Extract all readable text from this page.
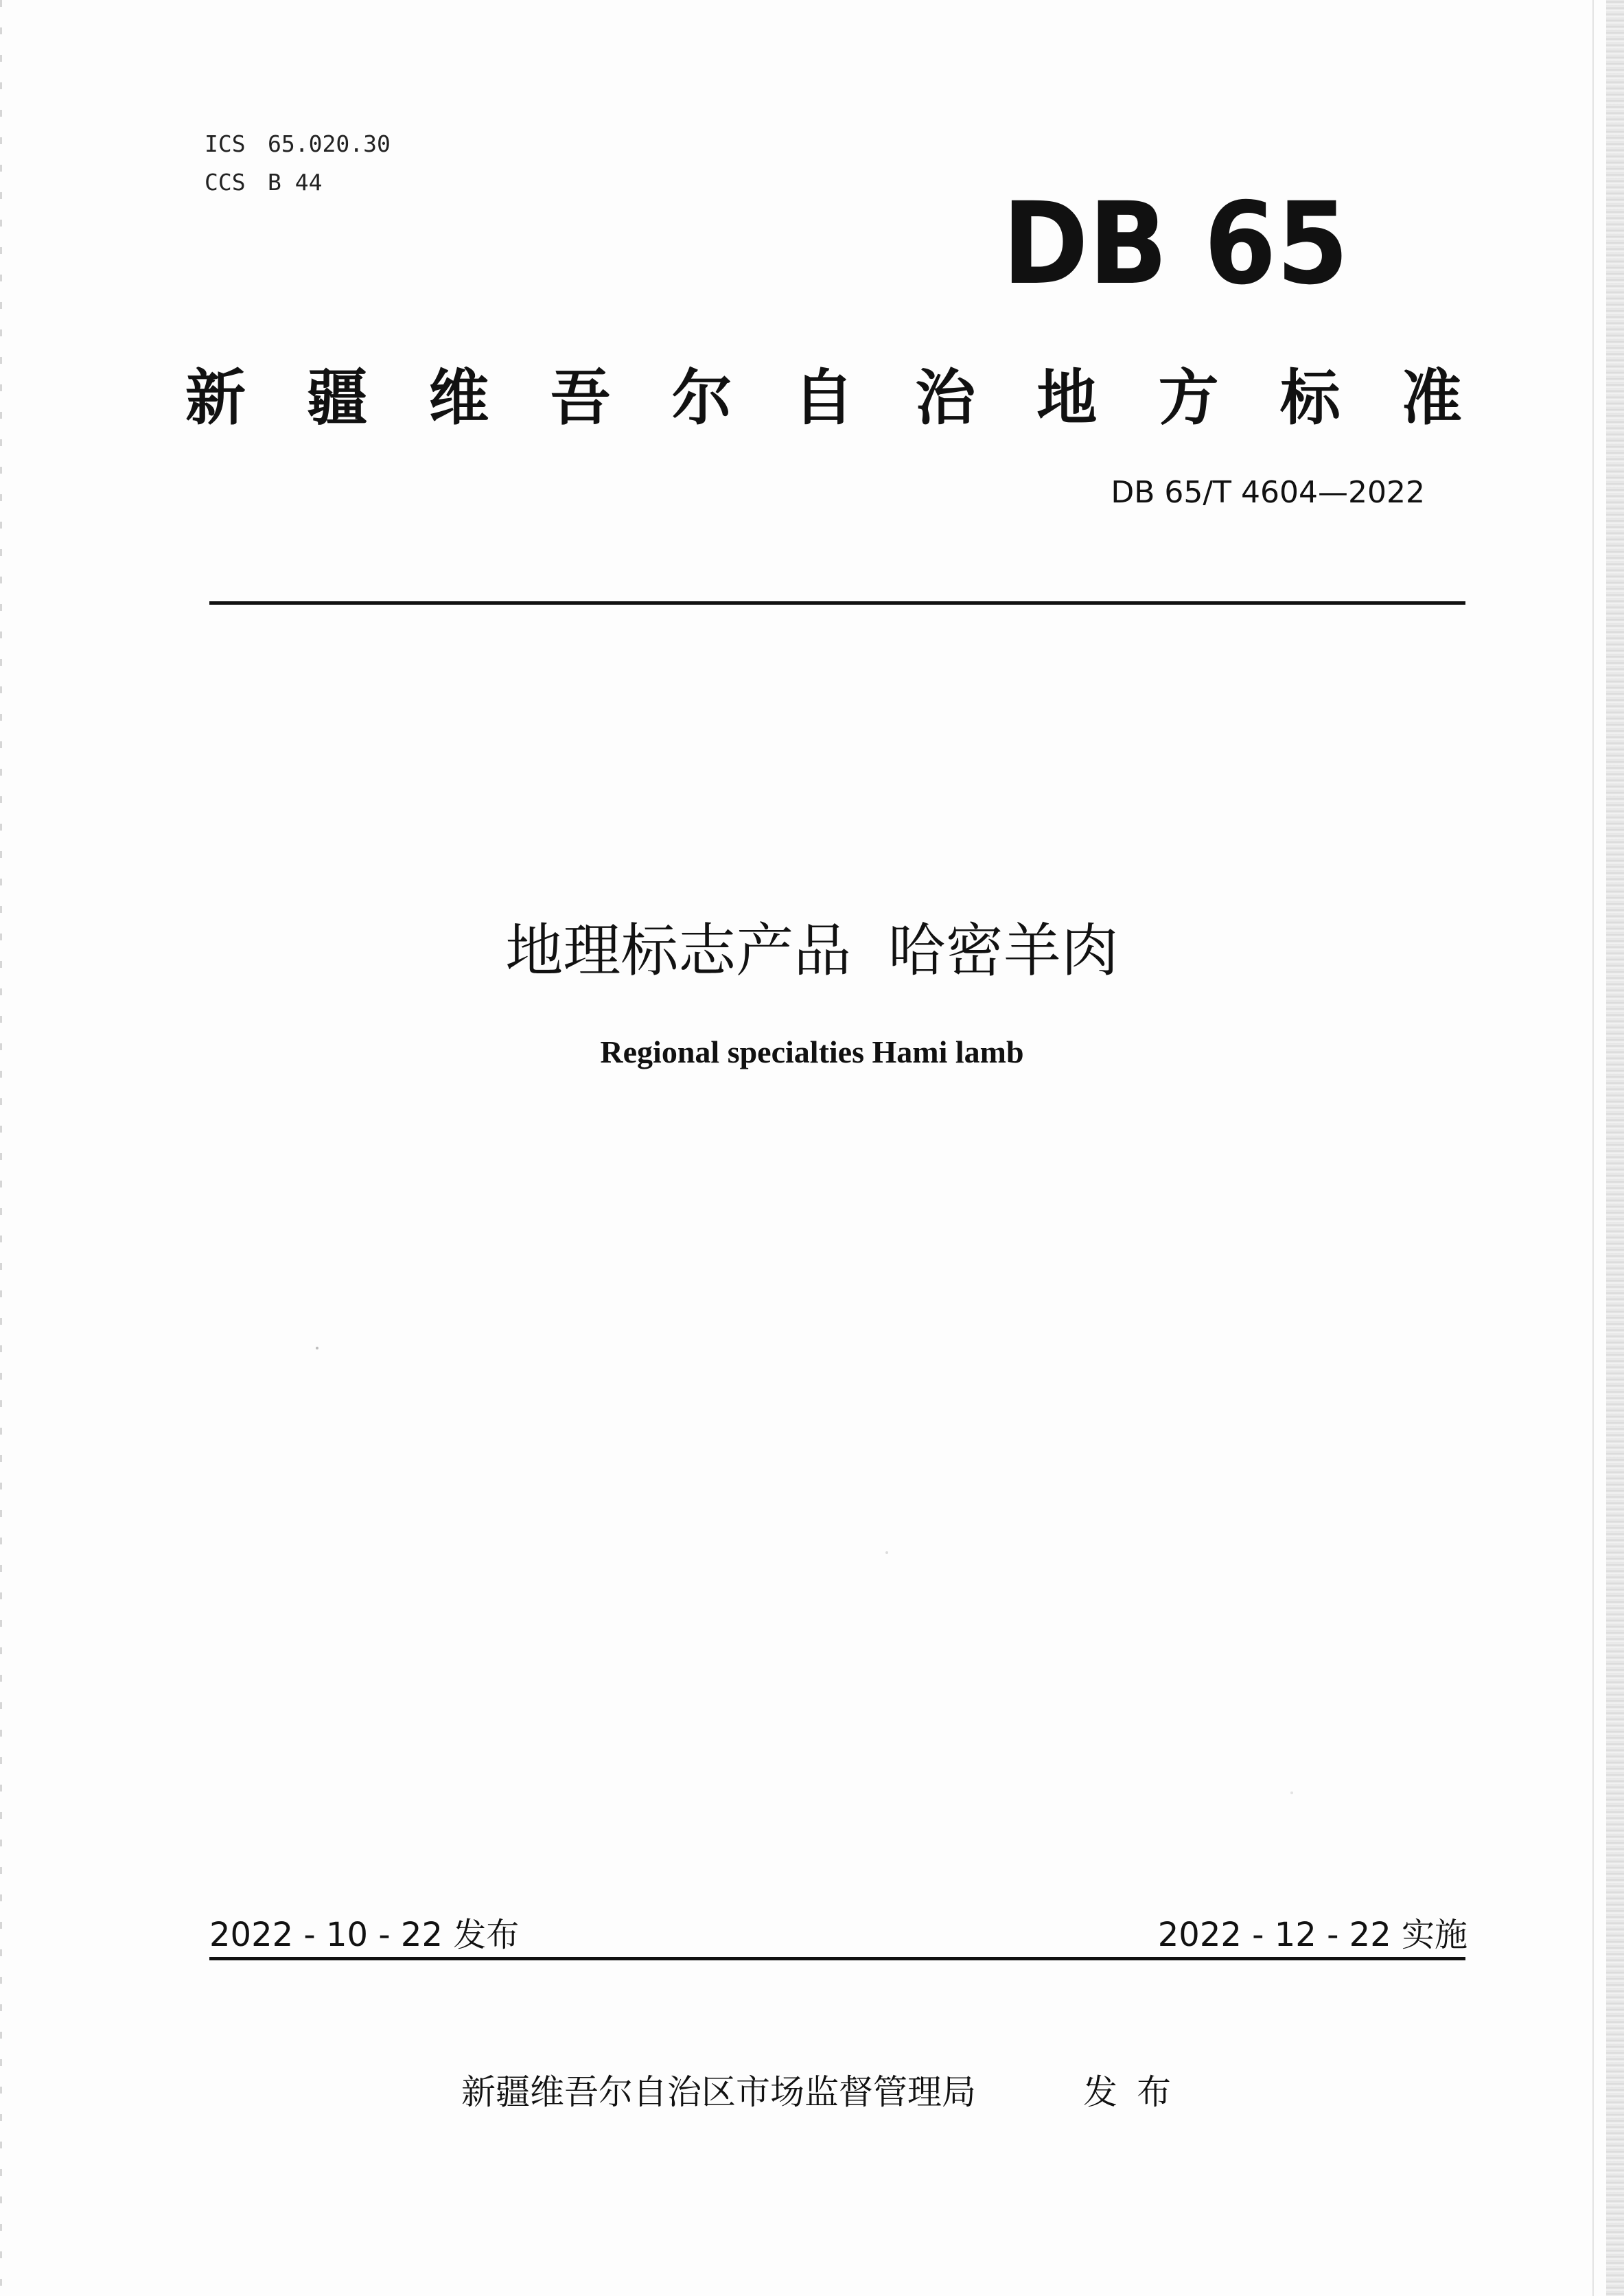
ICS 65.020.30
CCS B 44	DB 65
新 疆 维 吾 尔 自 治 地 方 标 准
DB 65/T 4604—2022
地理标志产品  哈密羊肉
Regional specialties Hami lamb
2022 - 10 - 22 发布	2022 - 12 - 22 实施
新疆维吾尔自治区市场监督管理局	发布
